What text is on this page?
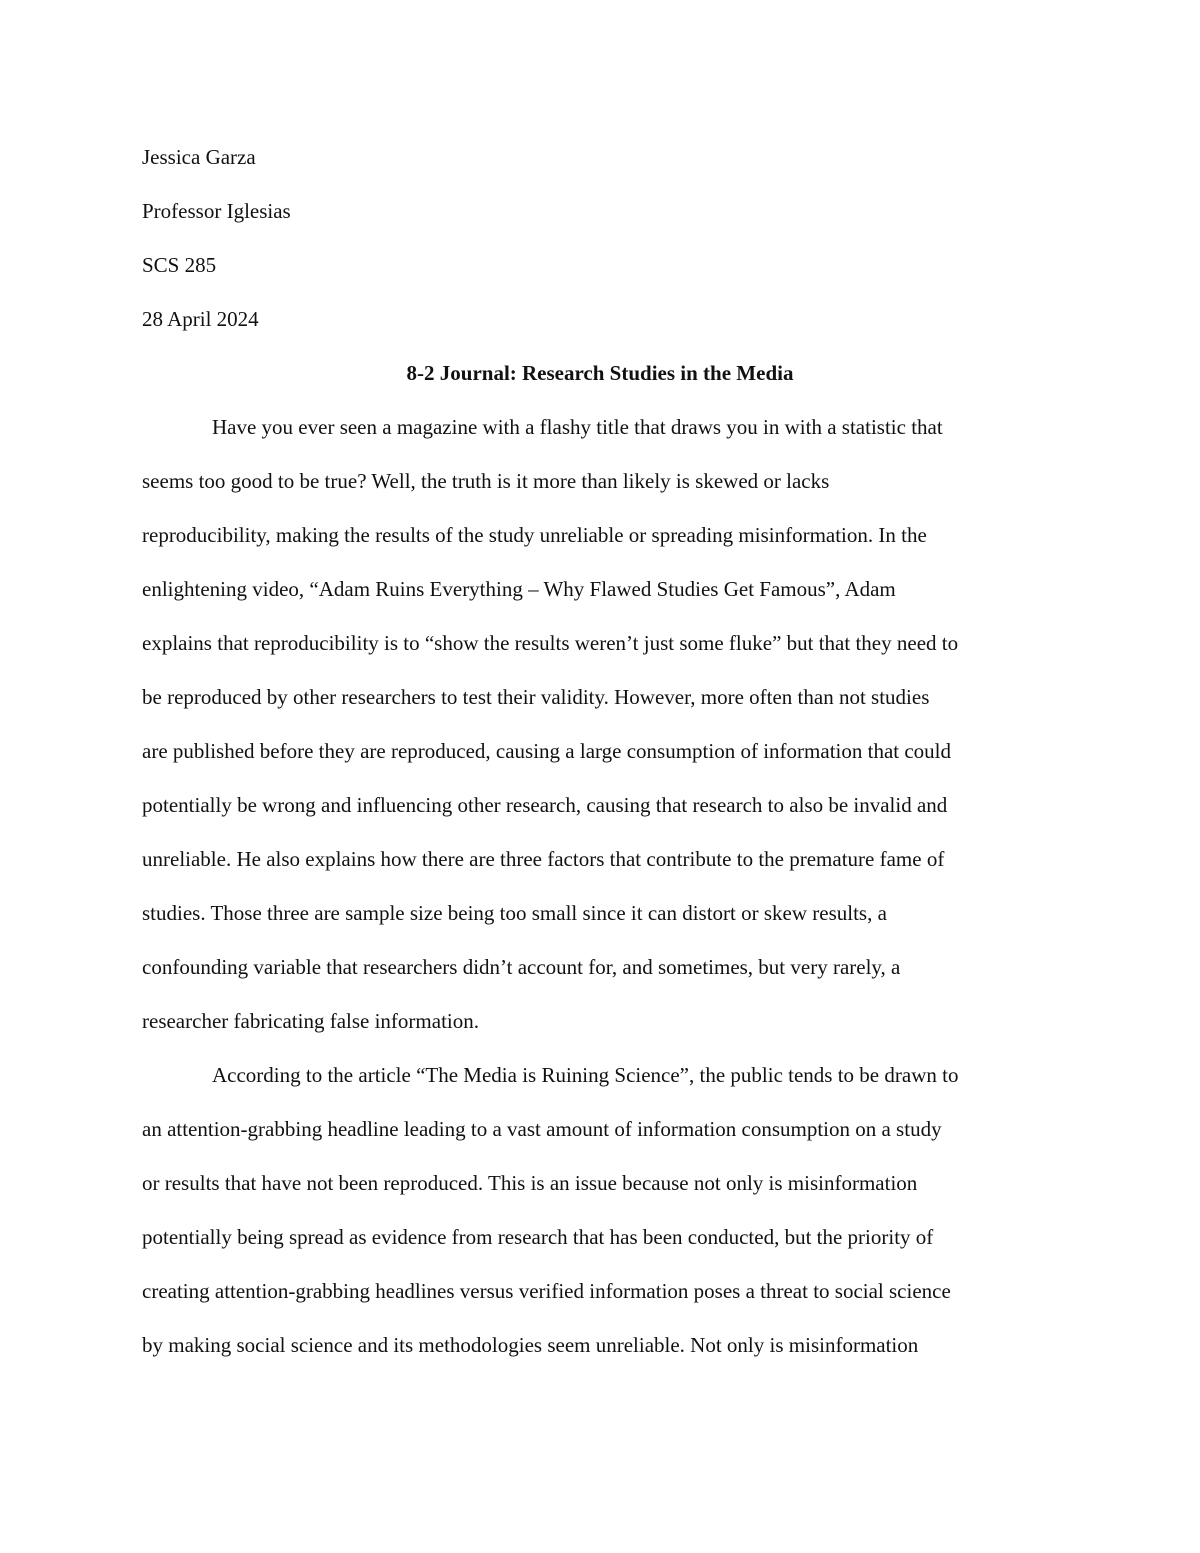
Jessica Garza
Professor Iglesias
SCS 285
28 April 2024
8-2 Journal: Research Studies in the Media
Have you ever seen a magazine with a flashy title that draws you in with a statistic that
seems too good to be true? Well, the truth is it more than likely is skewed or lacks
reproducibility, making the results of the study unreliable or spreading misinformation. In the
enlightening video, “Adam Ruins Everything – Why Flawed Studies Get Famous”, Adam
explains that reproducibility is to “show the results weren’t just some fluke” but that they need to
be reproduced by other researchers to test their validity. However, more often than not studies
are published before they are reproduced, causing a large consumption of information that could
potentially be wrong and influencing other research, causing that research to also be invalid and
unreliable. He also explains how there are three factors that contribute to the premature fame of
studies. Those three are sample size being too small since it can distort or skew results, a
confounding variable that researchers didn’t account for, and sometimes, but very rarely, a
researcher fabricating false information.
According to the article “The Media is Ruining Science”, the public tends to be drawn to
an attention-grabbing headline leading to a vast amount of information consumption on a study
or results that have not been reproduced. This is an issue because not only is misinformation
potentially being spread as evidence from research that has been conducted, but the priority of
creating attention-grabbing headlines versus verified information poses a threat to social science
by making social science and its methodologies seem unreliable. Not only is misinformation
